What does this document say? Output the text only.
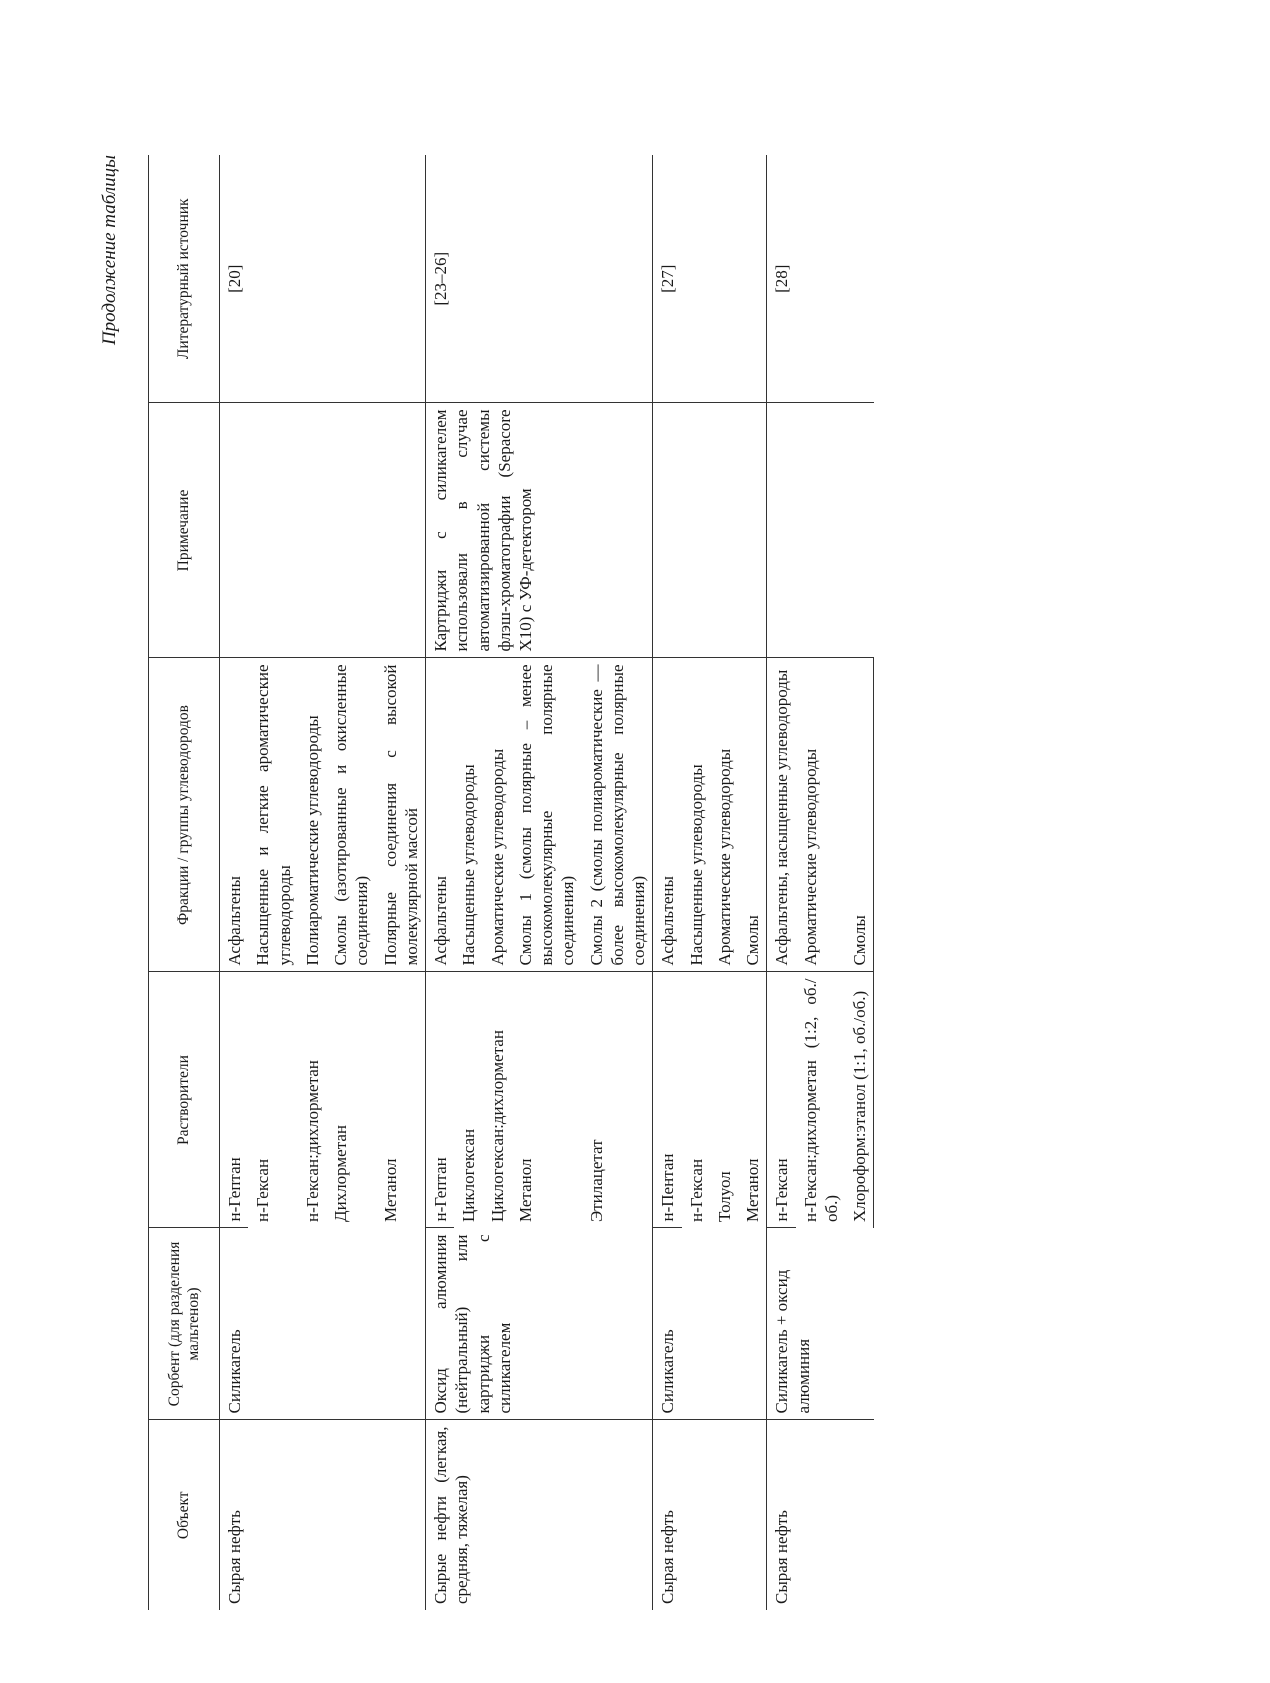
Продолжение таблицы
Объект	Сорбент (для разделения мальтенов)	Растворители	Фракции / группы углеводородов	Примечание	Литературный источник
Сырая нефть	Силикагель	н-Гептан	Асфальтены		[20]
		н-Гексан	Насыщенные и легкие ароматические углеводороды		
		н-Гексан:дихлорметан	Полиароматические углеводороды		
		Дихлорметан	Смолы (азотированные и окисленные соединения)		
		Метанол	Полярные соединения с высокой молекулярной массой		
Сырые нефти (легкая, средняя, тяжелая)	Оксид алюминия (нейтральный) или картриджи с силикагелем	н-Гептан	Асфальтены	Картриджи с силикагелем использовали в случае автоматизированной системы флэш-хроматографии (Sepacore X10) с УФ-детектором	[23–26]
		Циклогексан	Насыщенные углеводороды		
		Циклогексан:дихлорметан	Ароматические углеводороды		
		Метанол	Смолы 1 (смолы полярные – менее высокомолекулярные полярные соединения)		
		Этилацетат	Смолы 2 (смолы полиароматические — более высокомолекулярные полярные соединения)		
Сырая нефть	Силикагель	н-Пентан	Асфальтены		[27]
		н-Гексан	Насыщенные углеводороды		
		Толуол	Ароматические углеводороды		
		Метанол	Смолы		
Сырая нефть	Силикагель + оксид алюминия	н-Гексан	Асфальтены, насыщенные углеводороды		[28]
		н-Гексан:дихлорметан (1:2, об./об.)	Ароматические углеводороды		
		Хлороформ:этанол (1:1, об./об.)	Смолы		
